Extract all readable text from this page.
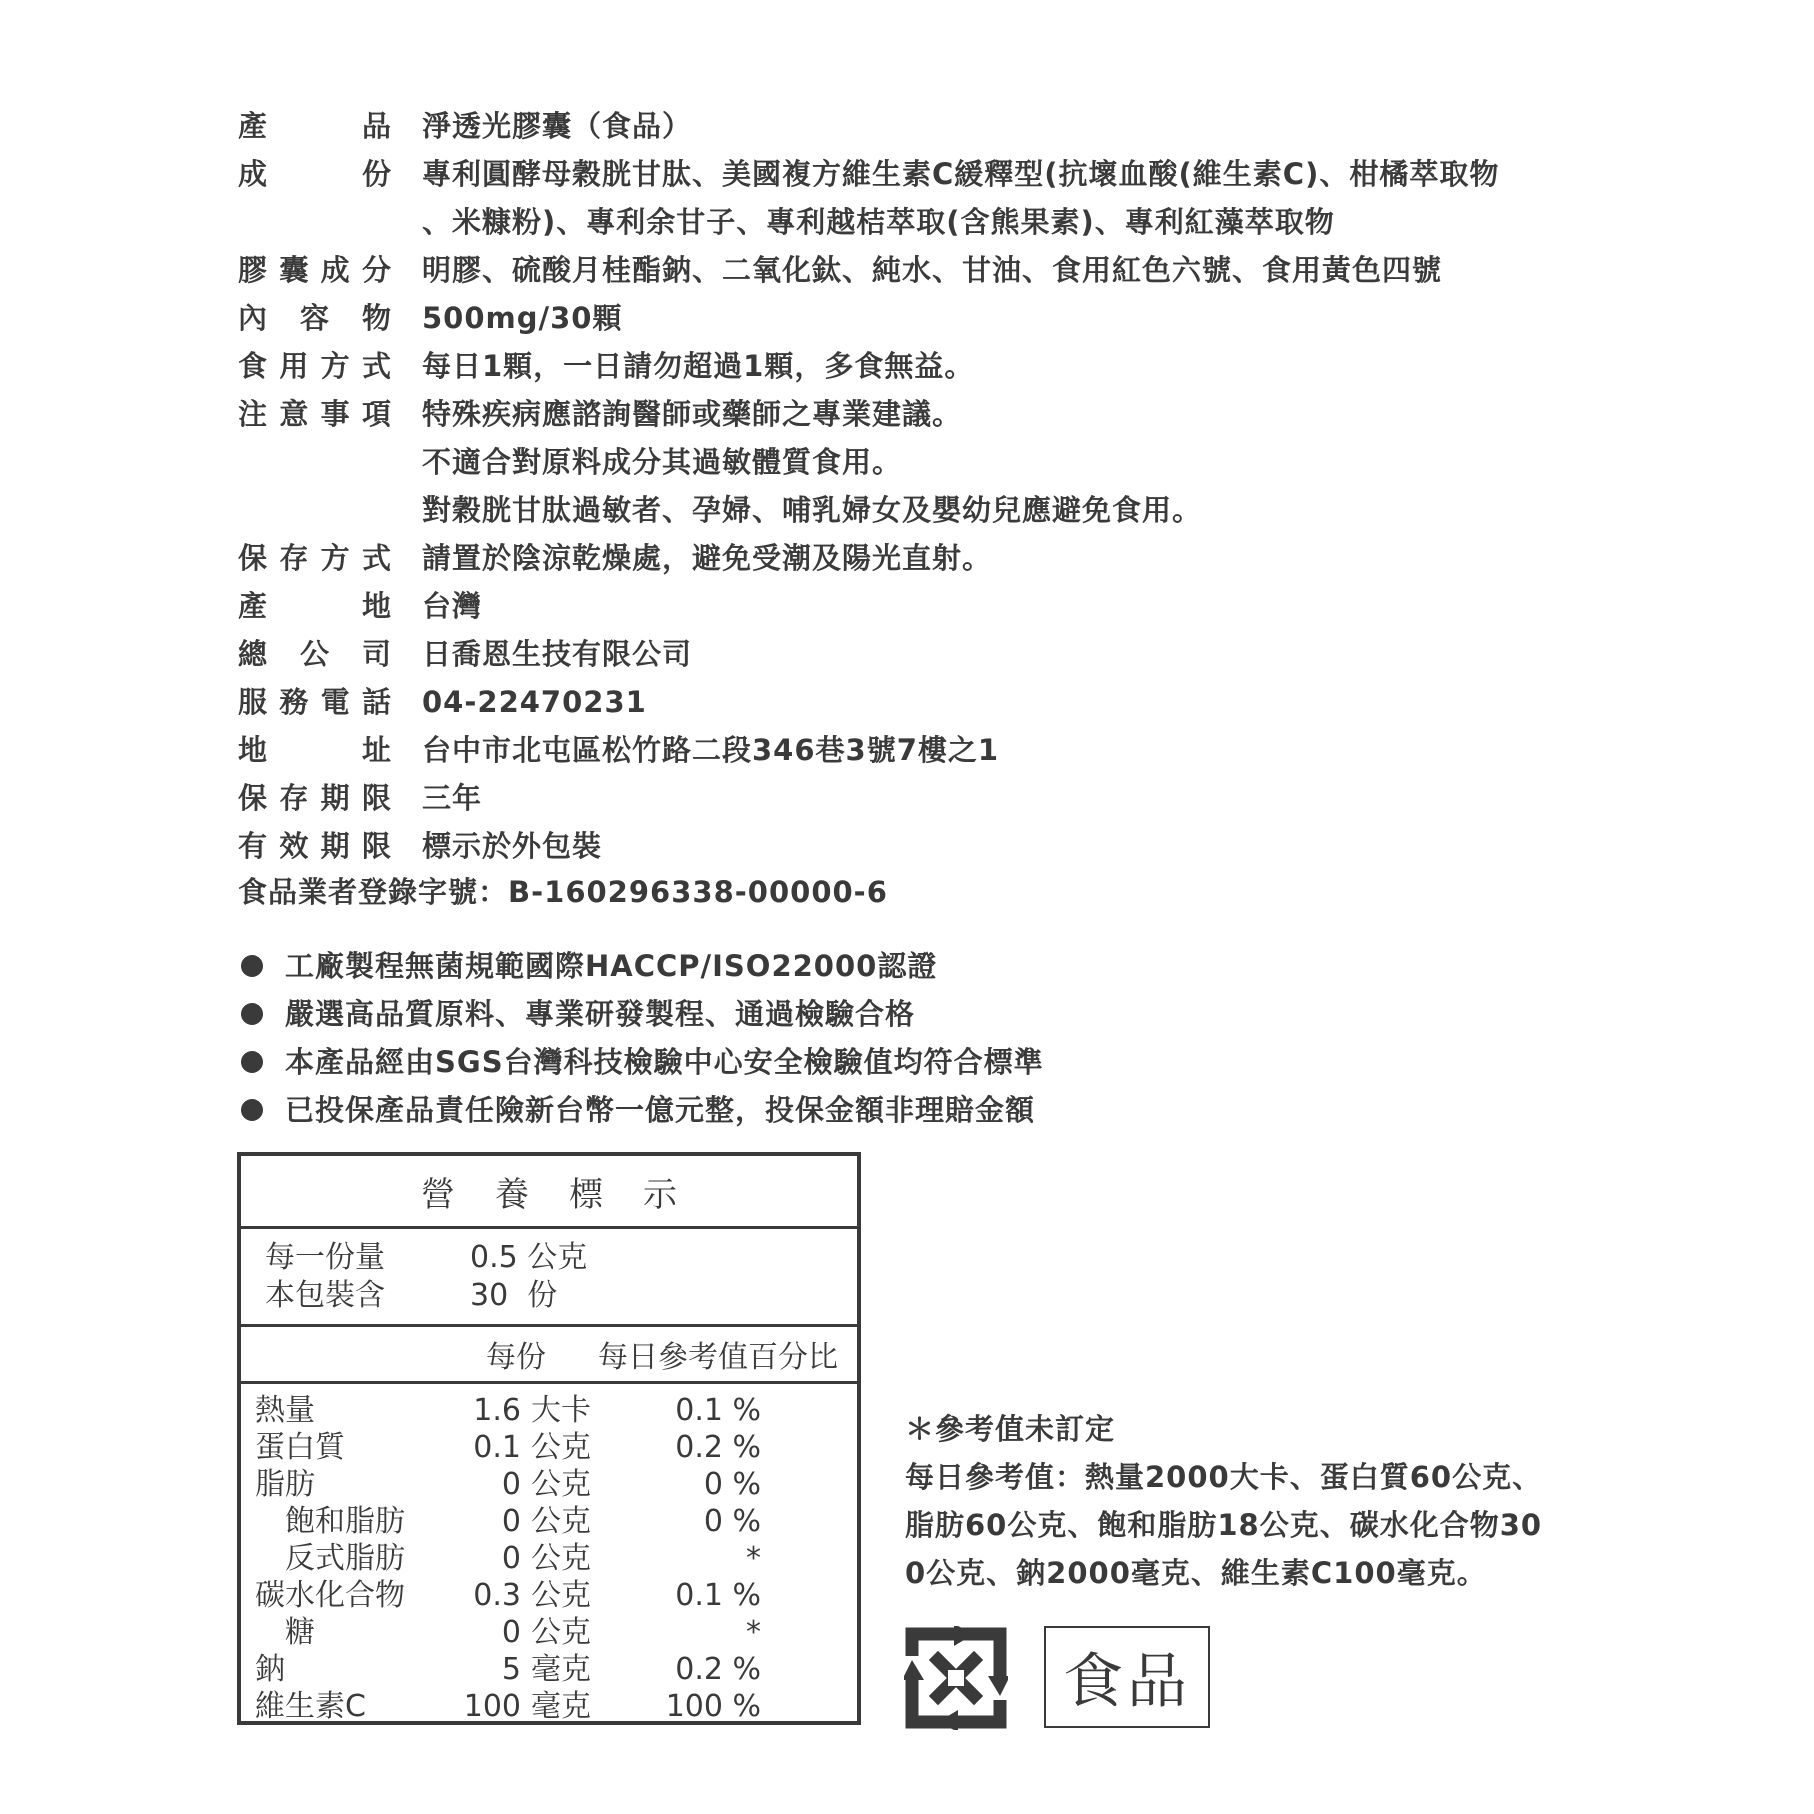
產	品 淨透光膠囊（食品）
成	份 專利圓酵母穀胱甘肽、美國複方維生素C緩釋型(抗壞血酸(維生素C)、柑橘萃取物
、米糠粉)、專利余甘子、專利越桔萃取(含熊果素)、專利紅藻萃取物
膠 囊 成 分 明膠、硫酸月桂酯鈉、二氧化鈦、純水、甘油、食用紅色六號、食用黃色四號
內 容 物 500mg/30顆
食 用 方 式 每日1顆，一日請勿超過1顆，多食無益。
注 意 事 項 特殊疾病應諮詢醫師或藥師之專業建議。
不適合對原料成分其過敏體質食用。
對穀胱甘肽過敏者、孕婦、哺乳婦女及嬰幼兒應避免食用。
保 存 方 式 請置於陰涼乾燥處，避免受潮及陽光直射。
產	地 台灣
總 公 司 日喬恩生技有限公司
服 務 電 話 04-22470231
地	址 台中市北屯區松竹路二段346巷3號7樓之1
保 存 期 限 三年
有 效 期 限 標示於外包裝
食品業者登錄字號：B-160296338-00000-6
工廠製程無菌規範國際HACCP/ISO22000認證
嚴選高品質原料、專業研發製程、通過檢驗合格
本產品經由SGS台灣科技檢驗中心安全檢驗值均符合標準
已投保產品責任險新台幣一億元整，投保金額非理賠金額
營養標示
每一份量	0.5 公克
本包裝含	30  份
每份 每日參考值百分比
熱量	1.6 大卡	0.1 %
蛋白質	0.1 公克	0.2 %
脂肪	0 公克	0 %
飽和脂肪	0 公克	0 %
反式脂肪	0 公克	*
碳水化合物	0.3 公克	0.1 %
糖	0 公克	*
鈉	5 毫克	0.2 %
維生素C	100 毫克	100 %
＊參考值未訂定
每日參考值：熱量2000大卡、蛋白質60公克、
脂肪60公克、飽和脂肪18公克、碳水化合物30
0公克、鈉2000毫克、維生素C100毫克。
食品
